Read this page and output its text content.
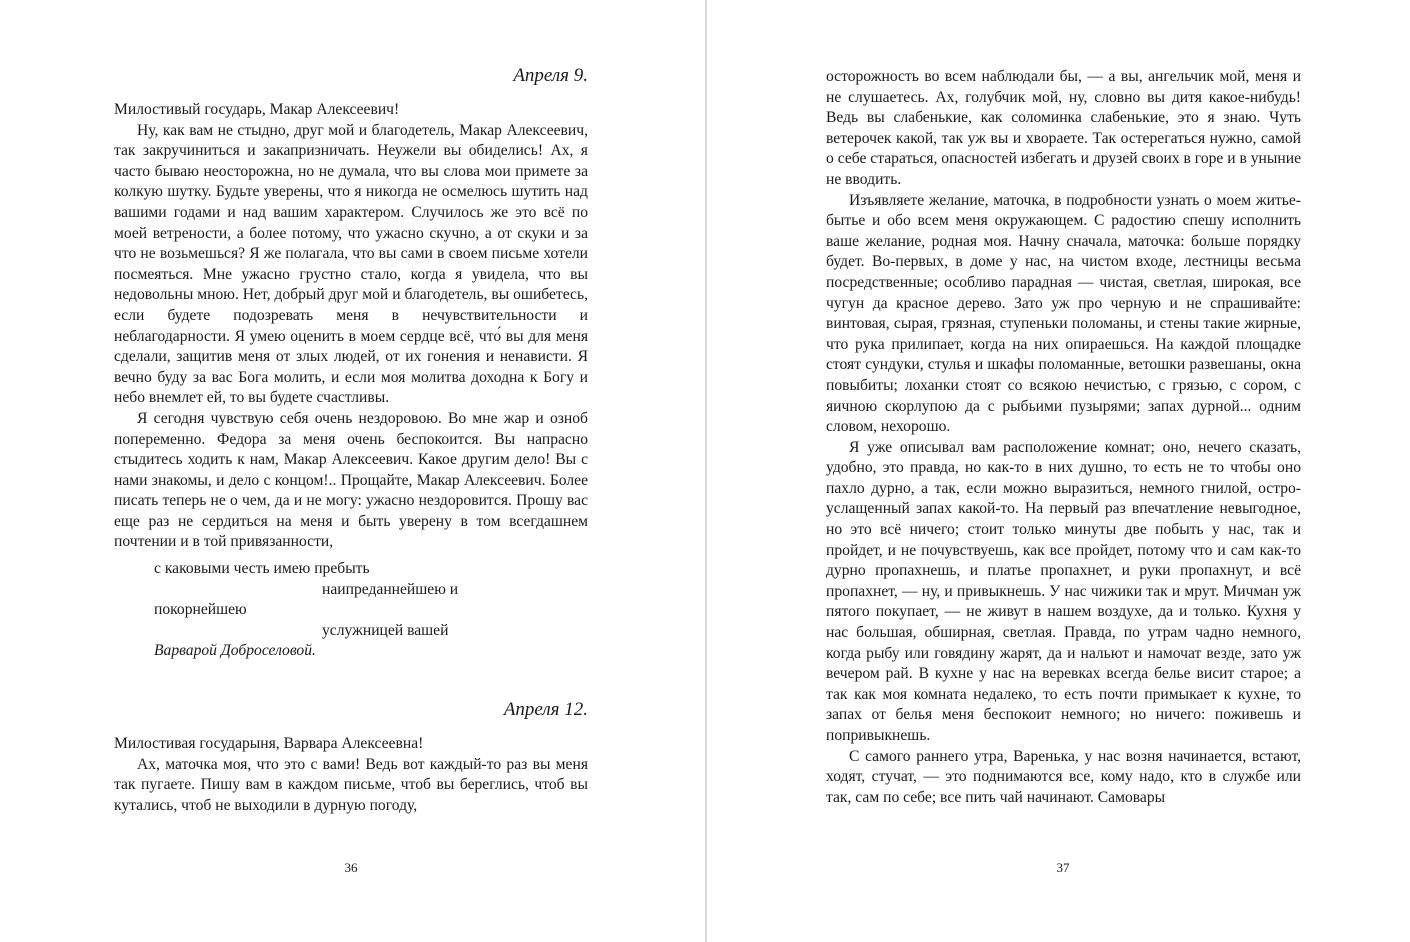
Апреля 9.

Милостивый государь, Макар Алексеевич!

Ну, как вам не стыдно, друг мой и благодетель, Макар Алексеевич, так закручиниться и закапризничать. Неужели вы обиделись! Ах, я часто бываю неосторожна, но не думала, что вы слова мои примете за колкую шутку. Будьте уверены, что я никогда не осмелюсь шутить над вашими годами и над вашим характером. Случилось же это всё по моей ветрености, а более потому, что ужасно скучно, а от скуки и за что не возьмешься? Я же полагала, что вы сами в своем письме хотели посмеяться. Мне ужасно грустно стало, когда я увидела, что вы недовольны мною. Нет, добрый друг мой и благодетель, вы ошибетесь, если будете подозревать меня в нечувствительности и неблагодарности. Я умею оценить в моем сердце всё, что́ вы для меня сделали, защитив меня от злых людей, от их гонения и ненависти. Я вечно буду за вас Бога молить, и если моя молитва доходна к Богу и небо внемлет ей, то вы будете счастливы.

Я сегодня чувствую себя очень нездоровою. Во мне жар и озноб попеременно. Федора за меня очень беспокоится. Вы напрасно стыдитесь ходить к нам, Макар Алексеевич. Какое другим дело! Вы с нами знакомы, и дело с концом!.. Прощайте, Макар Алексеевич. Более писать теперь не о чем, да и не могу: ужасно нездоровится. Прошу вас еще раз не сердиться на меня и быть уверену в том всегдашнем почтении и в той привязанности,

с каковыми честь имею пребыть
наипреданнейшею и
покорнейшею
услужницей вашей
Варварой Доброселовой.
Апреля 12.

Милостивая государыня, Варвара Алексеевна!

Ах, маточка моя, что это с вами! Ведь вот каждый-то раз вы меня так пугаете. Пишу вам в каждом письме, чтоб вы береглись, чтоб вы кутались, чтоб не выходили в дурную погоду,

36

осторожность во всем наблюдали бы, — а вы, ангельчик мой, меня и не слушаетесь. Ах, голубчик мой, ну, словно вы дитя какое-нибудь! Ведь вы слабенькие, как соломинка слабенькие, это я знаю. Чуть ветерочек какой, так уж вы и хвораете. Так остерегаться нужно, самой о себе стараться, опасностей избегать и друзей своих в горе и в уныние не вводить.

Изъявляете желание, маточка, в подробности узнать о моем житье-бытье и обо всем меня окружающем. С радостию спешу исполнить ваше желание, родная моя. Начну сначала, маточка: больше порядку будет. Во-первых, в доме у нас, на чистом входе, лестницы весьма посредственные; особливо парадная — чистая, светлая, широкая, все чугун да красное дерево. Зато уж про черную и не спрашивайте: винтовая, сырая, грязная, ступеньки поломаны, и стены такие жирные, что рука прилипает, когда на них опираешься. На каждой площадке стоят сундуки, стулья и шкафы поломанные, ветошки развешаны, окна повыбиты; лоханки стоят со всякою нечистью, с грязью, с сором, с яичною скорлупою да с рыбьими пузырями; запах дурной... одним словом, нехорошо.

Я уже описывал вам расположение комнат; оно, нечего сказать, удобно, это правда, но как-то в них душно, то есть не то чтобы оно пахло дурно, а так, если можно выразиться, немного гнилой, остро-услащенный запах какой-то. На первый раз впечатление невыгодное, но это всё ничего; стоит только минуты две побыть у нас, так и пройдет, и не почувствуешь, как все пройдет, потому что и сам как-то дурно пропахнешь, и платье пропахнет, и руки пропахнут, и всё пропахнет, — ну, и привыкнешь. У нас чижики так и мрут. Мичман уж пятого покупает, — не живут в нашем воздухе, да и только. Кухня у нас большая, обширная, светлая. Правда, по утрам чадно немного, когда рыбу или говядину жарят, да и нальют и намочат везде, зато уж вечером рай. В кухне у нас на веревках всегда белье висит старое; а так как моя комната недалеко, то есть почти примыкает к кухне, то запах от белья меня беспокоит немного; но ничего: поживешь и попривыкнешь.

С самого раннего утра, Варенька, у нас возня начинается, встают, ходят, стучат, — это поднимаются все, кому надо, кто в службе или так, сам по себе; все пить чай начинают. Самовары

37
